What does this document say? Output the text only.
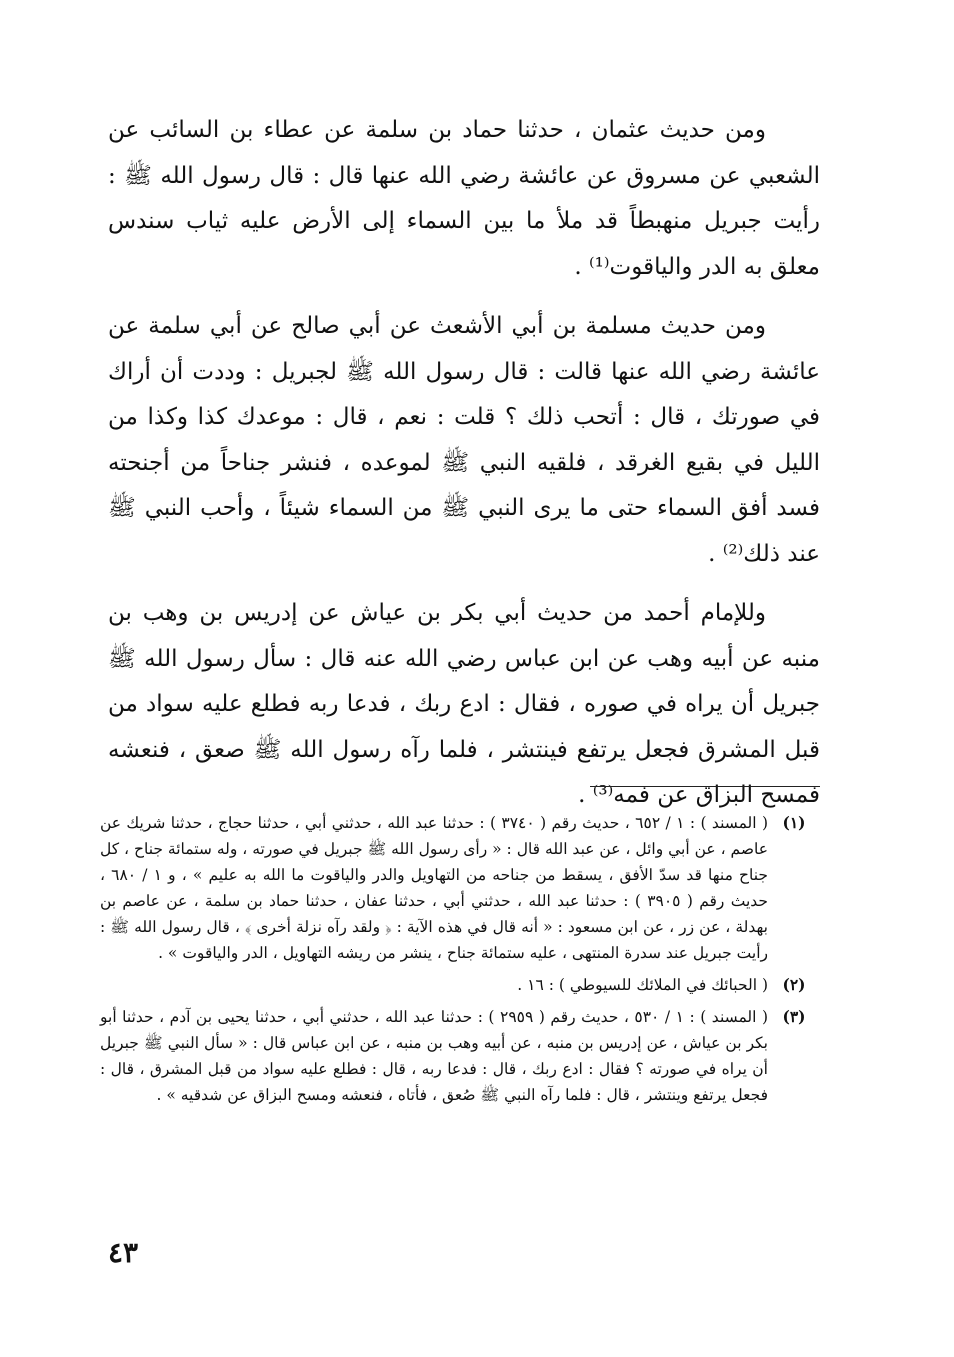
ومن حديث عثمان ، حدثنا حماد بن سلمة عن عطاء بن السائب عن الشعبي عن مسروق عن عائشة رضي الله عنها قال : قال رسول الله ﷺ : رأيت جبريل منهبطاً قد ملأ ما بين السماء إلى الأرض عليه ثياب سندس معلق به الدر والياقوت⁽¹⁾ .

ومن حديث مسلمة بن أبي الأشعث عن أبي صالح عن أبي سلمة عن عائشة رضي الله عنها قالت : قال رسول الله ﷺ لجبريل : وددت أن أراك في صورتك ، قال : أتحب ذلك ؟ قلت : نعم ، قال : موعدك كذا وكذا من الليل في بقيع الغرقد ، فلقيه النبي ﷺ لموعده ، فنشر جناحاً من أجنحته فسد أفق السماء حتى ما يرى النبي ﷺ من السماء شيئاً ، وأحب النبي ﷺ عند ذلك⁽²⁾ .

وللإمام أحمد من حديث أبي بكر بن عياش عن إدريس بن وهب بن منبه عن أبيه وهب عن ابن عباس رضي الله عنه قال : سأل رسول الله ﷺ جبريل أن يراه في صوره ، فقال : ادع ربك ، فدعا ربه فطلع عليه سواد من قبل المشرق فجعل يرتفع فينتشر ، فلما رآه رسول الله ﷺ صعق ، فنعشه فمسح البزاق عن فمه⁽³⁾ .

(١)
( المسند ) : ١ / ٦٥٢ ، حديث رقم ( ٣٧٤٠ ) : حدثنا عبد الله ، حدثني أبي ، حدثنا حجاج ، حدثنا شريك عن عاصم ، عن أبي وائل ، عن عبد الله قال : « رأى رسول الله ﷺ جبريل في صورته ، وله ستمائة جناح ، كل جناح منها قد سدّ الأفق ، يسقط من جناحه من التهاويل والدر والياقوت ما الله به عليم » ، و ١ / ٦٨٠ ، حديث رقم ( ٣٩٠٥ ) : حدثنا عبد الله ، حدثني أبي ، حدثنا عفان ، حدثنا حماد بن سلمة ، عن عاصم بن بهدلة ، عن زر ، عن ابن مسعود : « أنه قال في هذه الآية : ﴿ ولقد رآه نزلة أخرى ﴾ ، قال رسول الله ﷺ : رأيت جبريل عند سدرة المنتهى ، عليه ستمائة جناح ، ينشر من ريشه التهاويل ، الدر والياقوت » .
(٢)
( الحبائك في الملائك للسيوطي ) : ١٦ .
(٣)
( المسند ) : ١ / ٥٣٠ ، حديث رقم ( ٢٩٥٩ ) : حدثنا عبد الله ، حدثني أبي ، حدثنا يحيى بن آدم ، حدثنا أبو بكر بن عياش ، عن إدريس بن منبه ، عن أبيه وهب بن منبه ، عن ابن عباس قال : « سأل النبي ﷺ جبريل أن يراه في صورته ؟ فقال : ادع ربك ، قال : فدعا ربه ، قال : فطلع عليه سواد من قبل المشرق ، قال : فجعل يرتفع وينتشر ، قال : فلما رآه النبي ﷺ صُعق ، فأتاه ، فنعشه ومسح البزاق عن شدقيه » .
٤٣
